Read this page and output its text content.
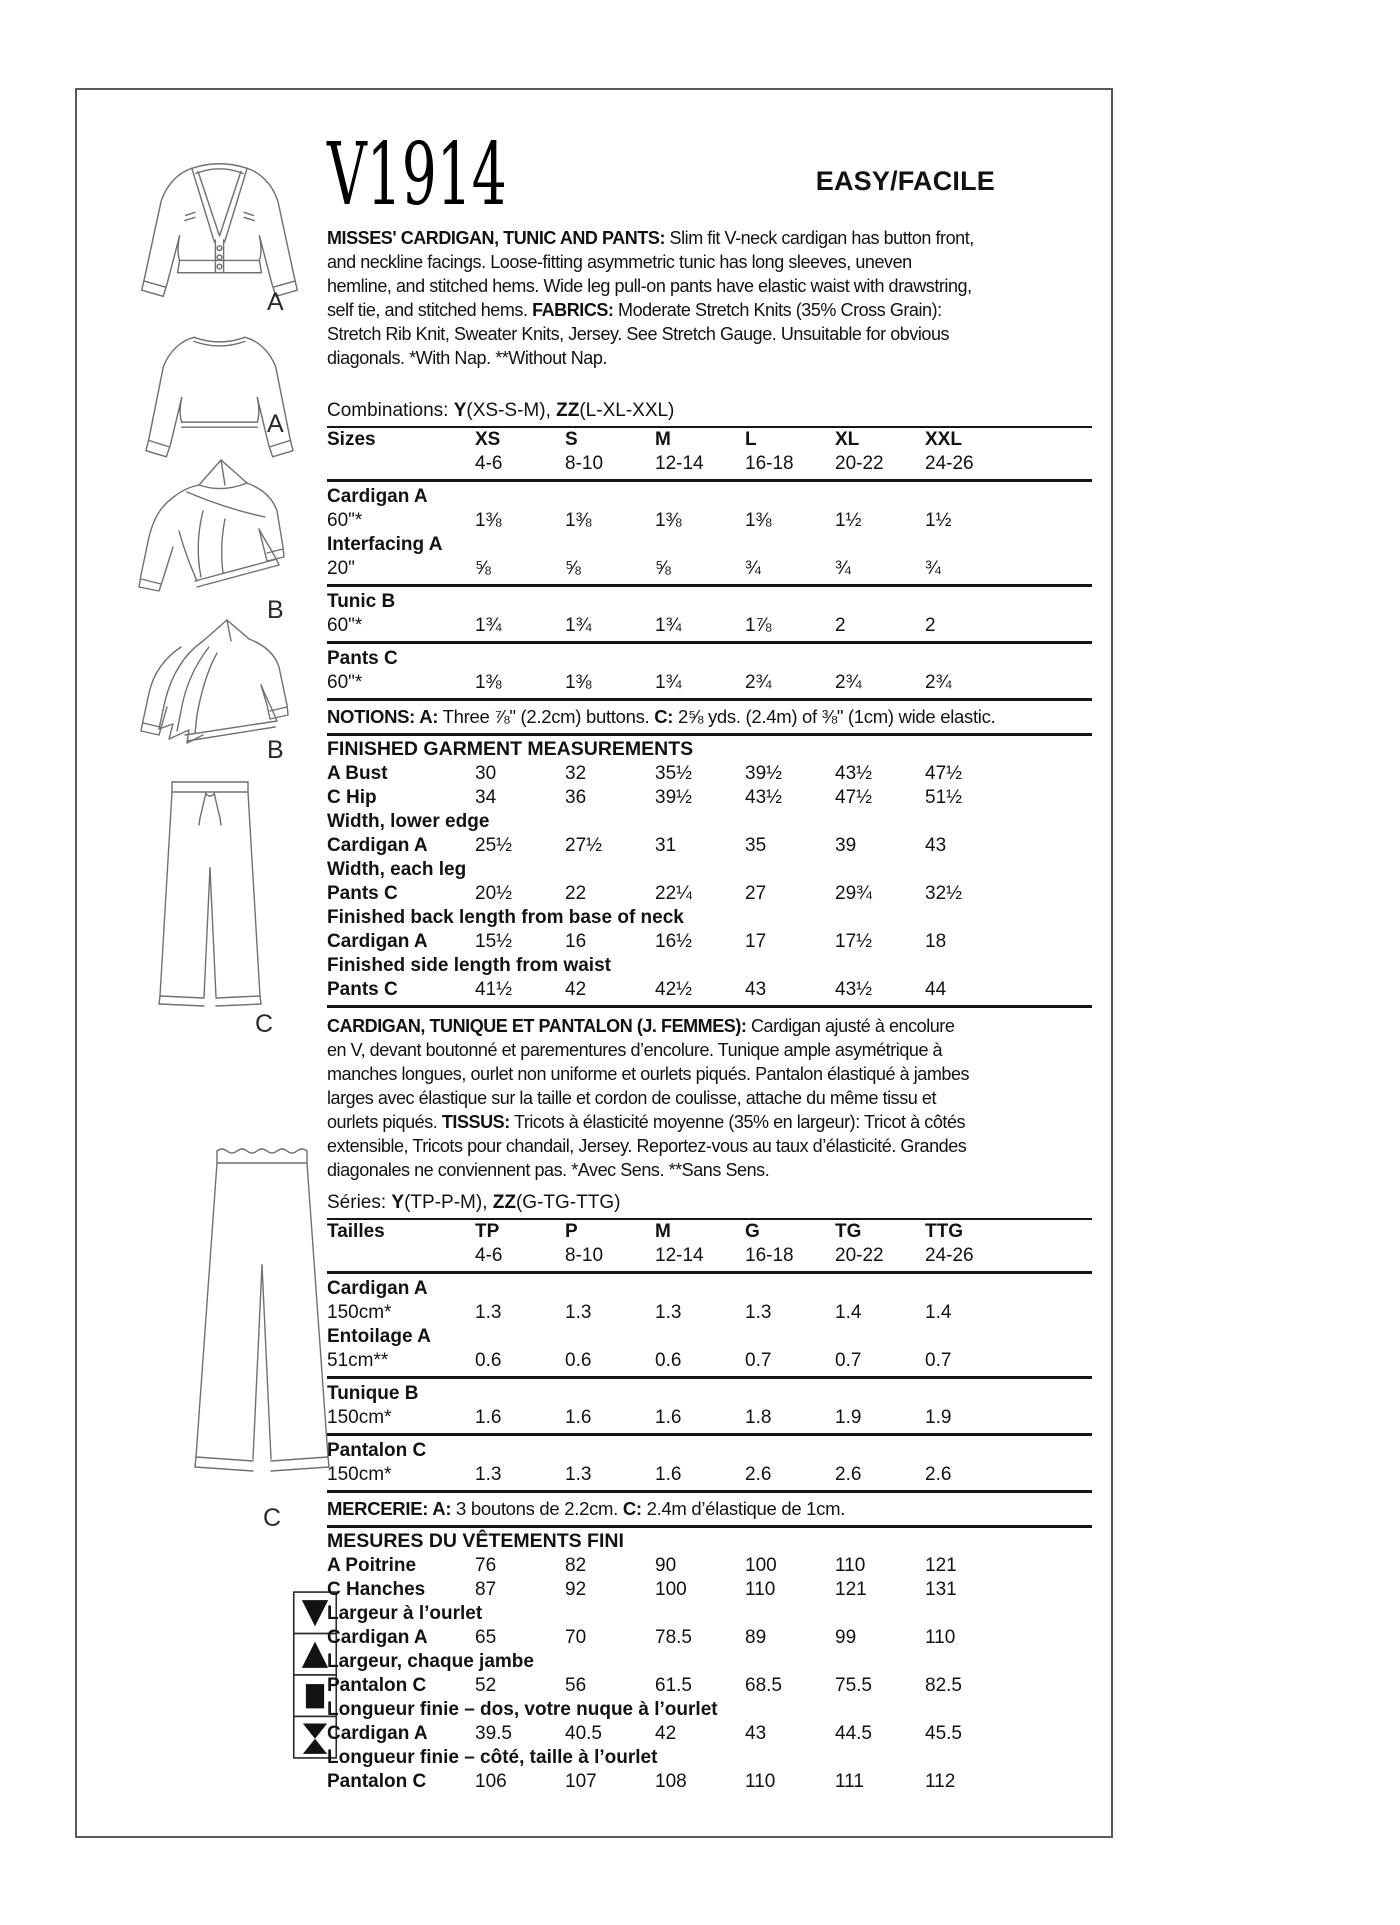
A
A
B
B
C
C
V1914	EASY/FACILE
MISSES' CARDIGAN, TUNIC AND PANTS: Slim fit V-neck cardigan has button front,
and neckline facings. Loose-fitting asymmetric tunic has long sleeves, uneven
hemline, and stitched hems. Wide leg pull-on pants have elastic waist with drawstring,
self tie, and stitched hems. FABRICS: Moderate Stretch Knits (35% Cross Grain):
Stretch Rib Knit, Sweater Knits, Jersey. See Stretch Gauge. Unsuitable for obvious
diagonals. *With Nap. **Without Nap.
Combinations: Y(XS-S-M), ZZ(L-XL-XXL)
Sizes	XS	S	M	L	XL	XXL
4-6	8-10	12-14	16-18	20-22	24-26
Cardigan A
60"*	1⅜	1⅜	1⅜	1⅜	1½	1½
Interfacing A
20"	⅝	⅝	⅝	¾	¾	¾
Tunic B
60"*	1¾	1¾	1¾	1⅞	2	2
Pants C
60"*	1⅜	1⅜	1¾	2¾	2¾	2¾
NOTIONS: A: Three ⅞" (2.2cm) buttons. C: 2⅝ yds. (2.4m) of ⅜" (1cm) wide elastic.
FINISHED GARMENT MEASUREMENTS
A Bust	30	32	35½	39½	43½	47½
C Hip	34	36	39½	43½	47½	51½
Width, lower edge
Cardigan A	25½	27½	31	35	39	43
Width, each leg
Pants C	20½	22	22¼	27	29¾	32½
Finished back length from base of neck
Cardigan A	15½	16	16½	17	17½	18
Finished side length from waist
Pants C	41½	42	42½	43	43½	44
CARDIGAN, TUNIQUE ET PANTALON (J. FEMMES): Cardigan ajusté à encolure
en V, devant boutonné et parementures d’encolure. Tunique ample asymétrique à
manches longues, ourlet non uniforme et ourlets piqués. Pantalon élastiqué à jambes
larges avec élastique sur la taille et cordon de coulisse, attache du même tissu et
ourlets piqués. TISSUS: Tricots à élasticité moyenne (35% en largeur): Tricot à côtés
extensible, Tricots pour chandail, Jersey. Reportez-vous au taux d’élasticité. Grandes
diagonales ne conviennent pas. *Avec Sens. **Sans Sens.
Séries: Y(TP-P-M), ZZ(G-TG-TTG)
Tailles	TP	P	M	G	TG	TTG
4-6	8-10	12-14	16-18	20-22	24-26
Cardigan A
150cm*	1.3	1.3	1.3	1.3	1.4	1.4
Entoilage A
51cm**	0.6	0.6	0.6	0.7	0.7	0.7
Tunique B
150cm*	1.6	1.6	1.6	1.8	1.9	1.9
Pantalon C
150cm*	1.3	1.3	1.6	2.6	2.6	2.6
MERCERIE: A: 3 boutons de 2.2cm. C: 2.4m d’élastique de 1cm.
MESURES DU VÊTEMENTS FINI
A Poitrine	76	82	90	100	110	121
C Hanches	87	92	100	110	121	131
Largeur à l’ourlet
Cardigan A	65	70	78.5	89	99	110
Largeur, chaque jambe
Pantalon C	52	56	61.5	68.5	75.5	82.5
Longueur finie – dos, votre nuque à l’ourlet
Cardigan A	39.5	40.5	42	43	44.5	45.5
Longueur finie – côté, taille à l’ourlet
Pantalon C	106	107	108	110	111	112
